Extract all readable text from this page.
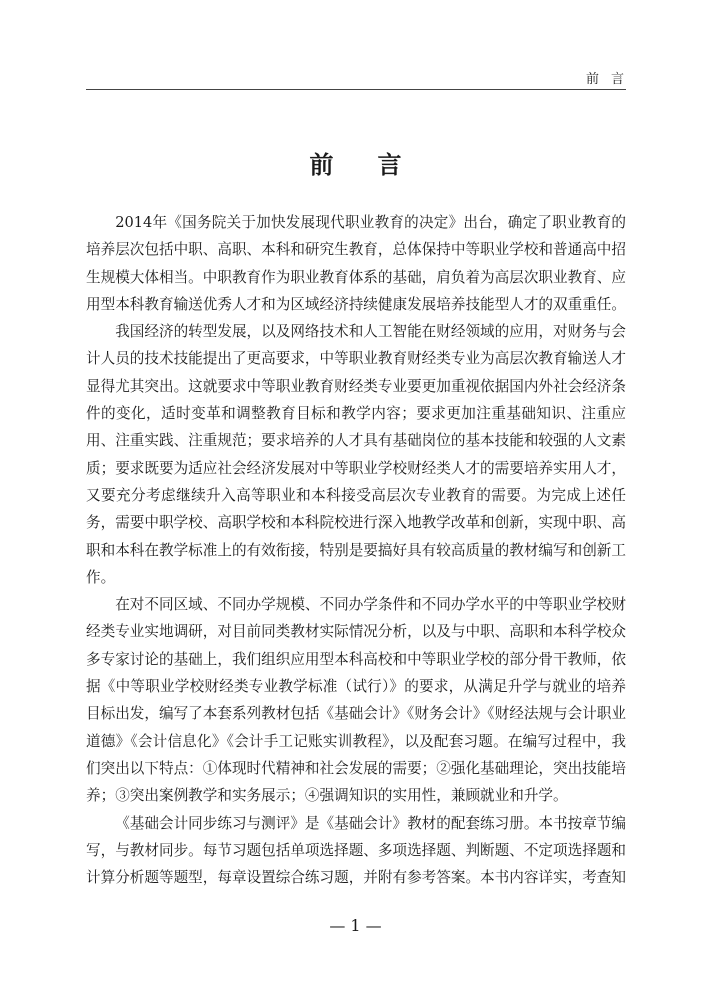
前言
前言

2014年《国务院关于加快发展现代职业教育的决定》出台，确定了职业教育的培养层次包括中职、高职、本科和研究生教育，总体保持中等职业学校和普通高中招生规模大体相当。中职教育作为职业教育体系的基础，肩负着为高层次职业教育、应用型本科教育输送优秀人才和为区域经济持续健康发展培养技能型人才的双重重任。

我国经济的转型发展，以及网络技术和人工智能在财经领域的应用，对财务与会计人员的技术技能提出了更高要求，中等职业教育财经类专业为高层次教育输送人才显得尤其突出。这就要求中等职业教育财经类专业要更加重视依据国内外社会经济条件的变化，适时变革和调整教育目标和教学内容；要求更加注重基础知识、注重应用、注重实践、注重规范；要求培养的人才具有基础岗位的基本技能和较强的人文素质；要求既要为适应社会经济发展对中等职业学校财经类人才的需要培养实用人才，又要充分考虑继续升入高等职业和本科接受高层次专业教育的需要。为完成上述任务，需要中职学校、高职学校和本科院校进行深入地教学改革和创新，实现中职、高职和本科在教学标准上的有效衔接，特别是要搞好具有较高质量的教材编写和创新工作。

在对不同区域、不同办学规模、不同办学条件和不同办学水平的中等职业学校财经类专业实地调研，对目前同类教材实际情况分析，以及与中职、高职和本科学校众多专家讨论的基础上，我们组织应用型本科高校和中等职业学校的部分骨干教师，依据《中等职业学校财经类专业教学标准（试行）》的要求，从满足升学与就业的培养目标出发，编写了本套系列教材包括《基础会计》《财务会计》《财经法规与会计职业道德》《会计信息化》《会计手工记账实训教程》，以及配套习题。在编写过程中，我们突出以下特点：①体现时代精神和社会发展的需要；②强化基础理论，突出技能培养；③突出案例教学和实务展示；④强调知识的实用性，兼顾就业和升学。

《基础会计同步练习与测评》是《基础会计》教材的配套练习册。本书按章节编写，与教材同步。每节习题包括单项选择题、多项选择题、判断题、不定项选择题和计算分析题等题型，每章设置综合练习题，并附有参考答案。本书内容详实，考查知

— 1 —
